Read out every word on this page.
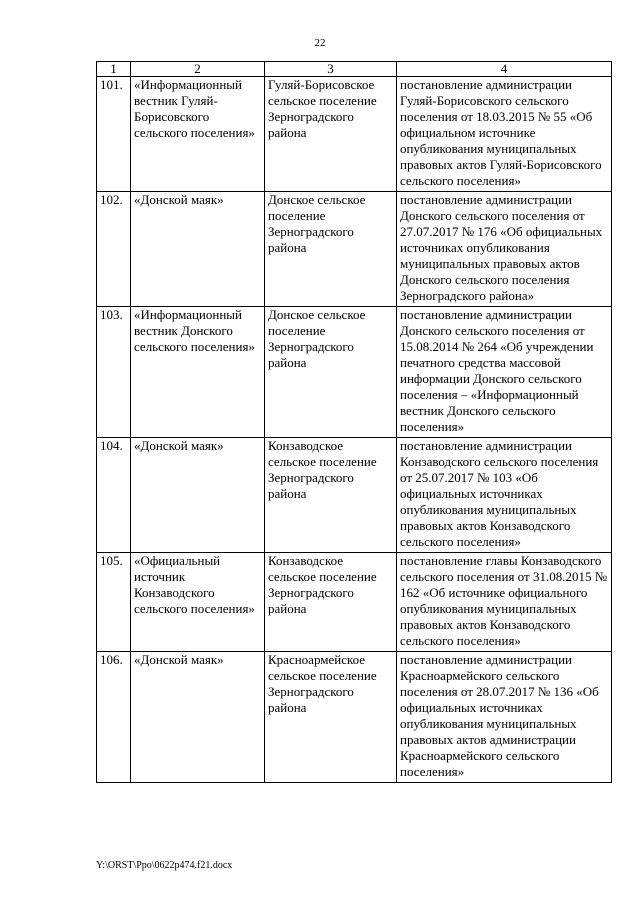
22
1	2	3	4
101.	«Информационный вестник Гуляй-Борисовского сельского поселения»	Гуляй-Борисовское сельское поселение Зерноградского района	постановление администрации Гуляй-Борисовского сельского поселения от 18.03.2015 № 55 «Об официальном источнике опубликования муниципальных правовых актов Гуляй-Борисовского сельского поселения»
102.	«Донской маяк»	Донское сельское поселение Зерноградского района	постановление администрации Донского сельского поселения от 27.07.2017 № 176 «Об официальных источниках опубликования муниципальных правовых актов Донского сельского поселения Зерноградского района»
103.	«Информационный вестник Донского сельского поселения»	Донское сельское поселение Зерноградского района	постановление администрации Донского сельского поселения от 15.08.2014 № 264 «Об учреждении печатного средства массовой информации Донского сельского поселения – «Информационный вестник Донского сельского поселения»
104.	«Донской маяк»	Конзаводское сельское поселение Зерноградского района	постановление администрации Конзаводского сельского поселения от 25.07.2017 № 103 «Об официальных источниках опубликования муниципальных правовых актов Конзаводского сельского поселения»
105.	«Официальный источник Конзаводского сельского поселения»	Конзаводское сельское поселение Зерноградского района	постановление главы Конзаводского сельского поселения от 31.08.2015 № 162 «Об источнике официального опубликования муниципальных правовых актов Конзаводского сельского поселения»
106.	«Донской маяк»	Красноармейское сельское поселение Зерноградского района	постановление администрации Красноармейского сельского поселения от 28.07.2017 № 136 «Об официальных источниках опубликования муниципальных правовых актов администрации Красноармейского сельского поселения»
Y:\ORST\Ppo\0622p474.f21.docx
